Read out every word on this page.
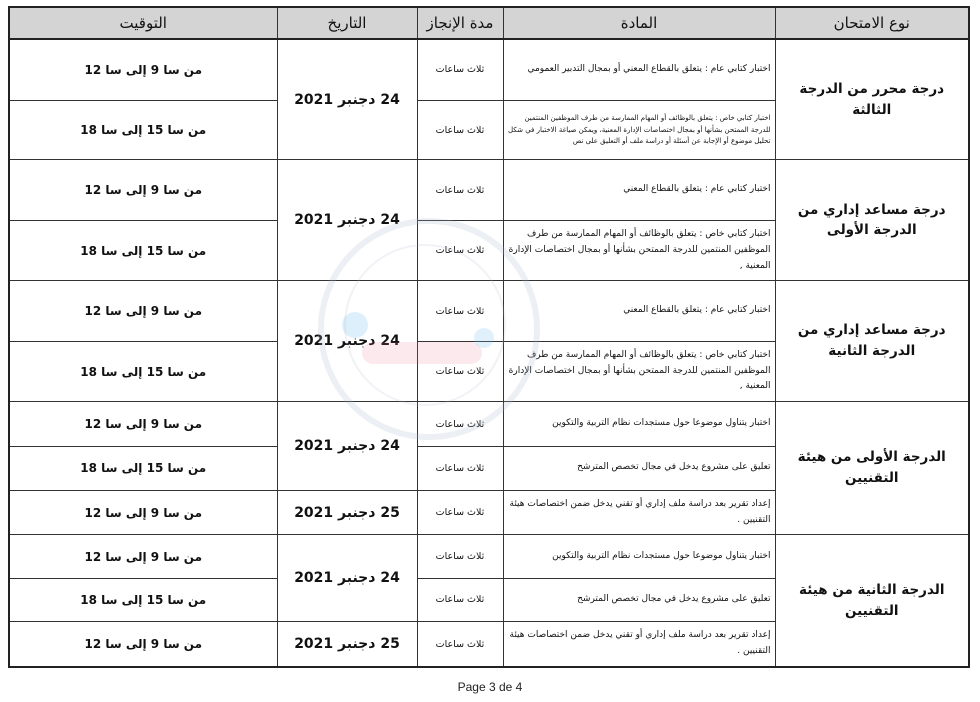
نوع الامتحان	المادة	مدة الإنجاز	التاريخ	التوقيت
درجة محرر من الدرجة الثالثة	اختبار كتابي عام : يتعلق بالقطاع المعني أو بمجال التدبير العمومي	ثلاث ساعات	24 دجنبر 2021	من سا 9 إلى سا 12
	اختبار كتابي خاص : يتعلق بالوظائف أو المهام الممارسة من طرف الموظفين المنتمين للدرجة الممتحن بشأنها أو بمجال اختصاصات الإدارة المعنية، ويمكن صياغة الاختبار في شكل تحليل موضوع أو الإجابة عن أسئلة أو دراسة ملف أو التعليق على نص	ثلاث ساعات		من سا 15 إلى سا 18
درجة مساعد إداري من الدرجة الأولى	اختبار كتابي عام : يتعلق بالقطاع المعني	ثلاث ساعات	24 دجنبر 2021	من سا 9 إلى سا 12
	اختبار كتابي خاص : يتعلق بالوظائف أو المهام الممارسة من طرف الموظفين المنتمين للدرجة الممتحن بشأنها أو بمجال اختصاصات الإدارة المعنية ,	ثلاث ساعات		من سا 15 إلى سا 18
درجة مساعد إداري من الدرجة الثانية	اختبار كتابي عام : يتعلق بالقطاع المعني	ثلاث ساعات	24 دجنبر 2021	من سا 9 إلى سا 12
	اختبار كتابي خاص : يتعلق بالوظائف أو المهام الممارسة من طرف الموظفين المنتمين للدرجة الممتحن بشأنها أو بمجال اختصاصات الإدارة المعنية ,	ثلاث ساعات		من سا 15 إلى سا 18
الدرجة الأولى من هيئة التقنيين	اختبار يتناول موضوعا حول مستجدات نظام التربية والتكوين	ثلاث ساعات	24 دجنبر 2021	من سا 9 إلى سا 12
	تعليق على مشروع يدخل في مجال تخصص المترشح	ثلاث ساعات		من سا 15 إلى سا 18
	إعداد تقرير بعد دراسة ملف إداري أو تقني يدخل ضمن اختصاصات هيئة التقنيين .	ثلاث ساعات	25 دجنبر 2021	من سا 9 إلى سا 12
الدرجة الثانية من هيئة التقنيين	اختبار يتناول موضوعا حول مستجدات نظام التربية والتكوين	ثلاث ساعات	24 دجنبر 2021	من سا 9 إلى سا 12
	تعليق على مشروع يدخل في مجال تخصص المترشح	ثلاث ساعات		من سا 15 إلى سا 18
	إعداد تقرير بعد دراسة ملف إداري أو تقني يدخل ضمن اختصاصات هيئة التقنيين .	ثلاث ساعات	25 دجنبر 2021	من سا 9 إلى سا 12
Page 3 de 4
